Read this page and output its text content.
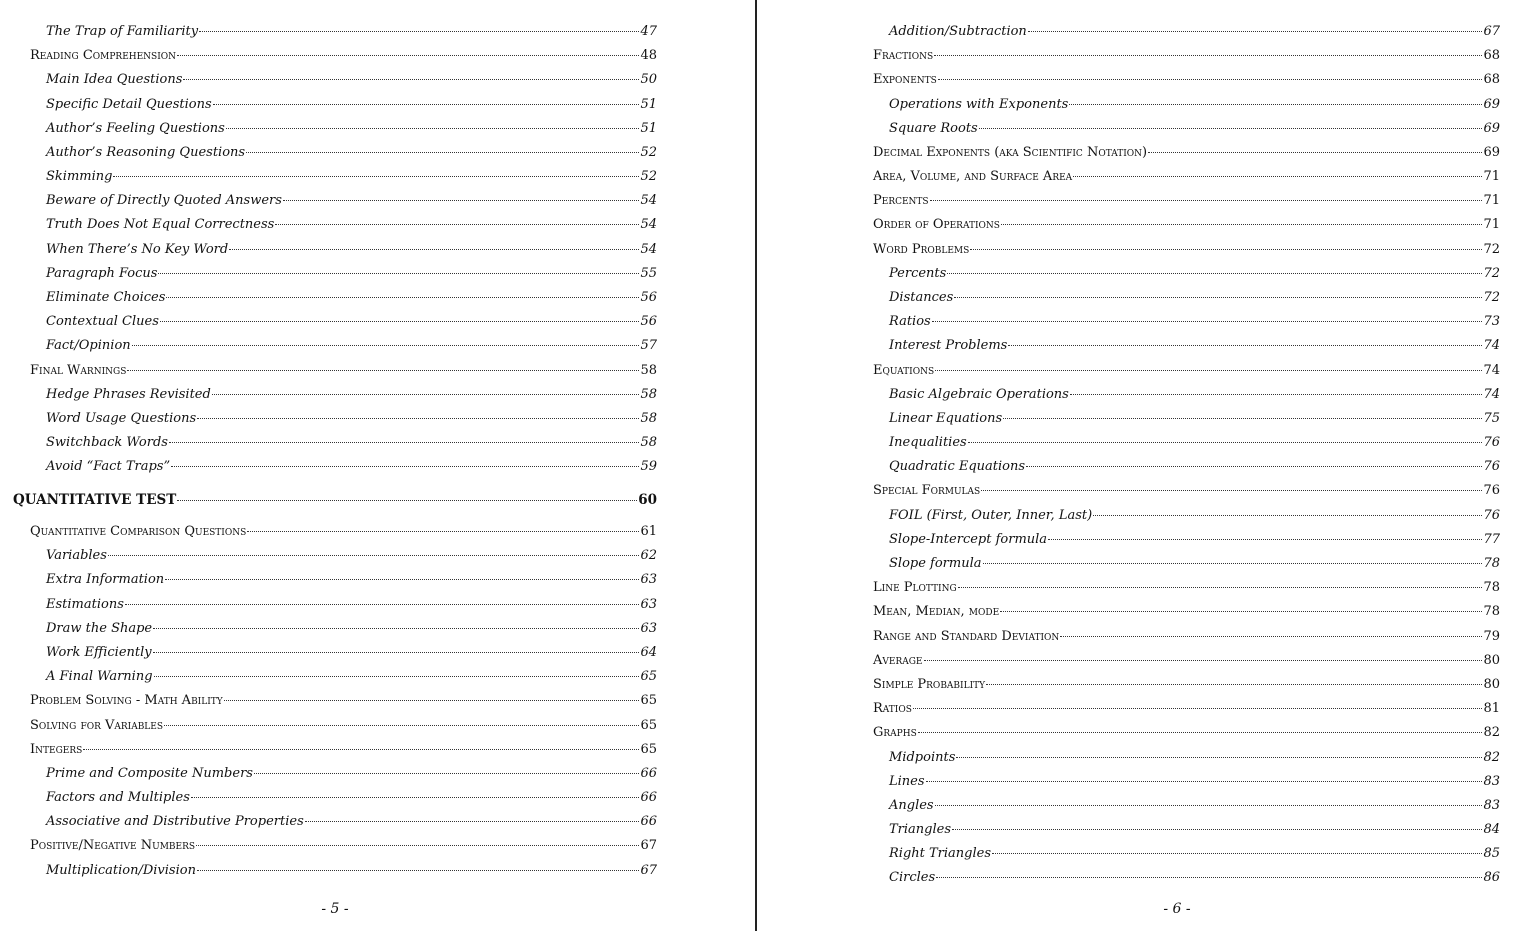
The Trap of Familiarity	47
Reading Comprehension	48
Main Idea Questions	50
Specific Detail Questions	51
Author’s Feeling Questions	51
Author’s Reasoning Questions	52
Skimming	52
Beware of Directly Quoted Answers	54
Truth Does Not Equal Correctness	54
When There’s No Key Word	54
Paragraph Focus	55
Eliminate Choices	56
Contextual Clues	56
Fact/Opinion	57
Final Warnings	58
Hedge Phrases Revisited	58
Word Usage Questions	58
Switchback Words	58
Avoid “Fact Traps”	59
QUANTITATIVE TEST	60
Quantitative Comparison Questions	61
Variables	62
Extra Information	63
Estimations	63
Draw the Shape	63
Work Efficiently	64
A Final Warning	65
Problem Solving - Math Ability	65
Solving for Variables	65
Integers	65
Prime and Composite Numbers	66
Factors and Multiples	66
Associative and Distributive Properties	66
Positive/Negative Numbers	67
Multiplication/Division	67
- 5 -
Addition/Subtraction	67
Fractions	68
Exponents	68
Operations with Exponents	69
Square Roots	69
Decimal Exponents (aka Scientific Notation)	69
Area, Volume, and Surface Area	71
Percents	71
Order of Operations	71
Word Problems	72
Percents	72
Distances	72
Ratios	73
Interest Problems	74
Equations	74
Basic Algebraic Operations	74
Linear Equations	75
Inequalities	76
Quadratic Equations	76
Special Formulas	76
FOIL (First, Outer, Inner, Last)	76
Slope-Intercept formula	77
Slope formula	78
Line Plotting	78
Mean, Median, mode	78
Range and Standard Deviation	79
Average	80
Simple Probability	80
Ratios	81
Graphs	82
Midpoints	82
Lines	83
Angles	83
Triangles	84
Right Triangles	85
Circles	86
- 6 -
